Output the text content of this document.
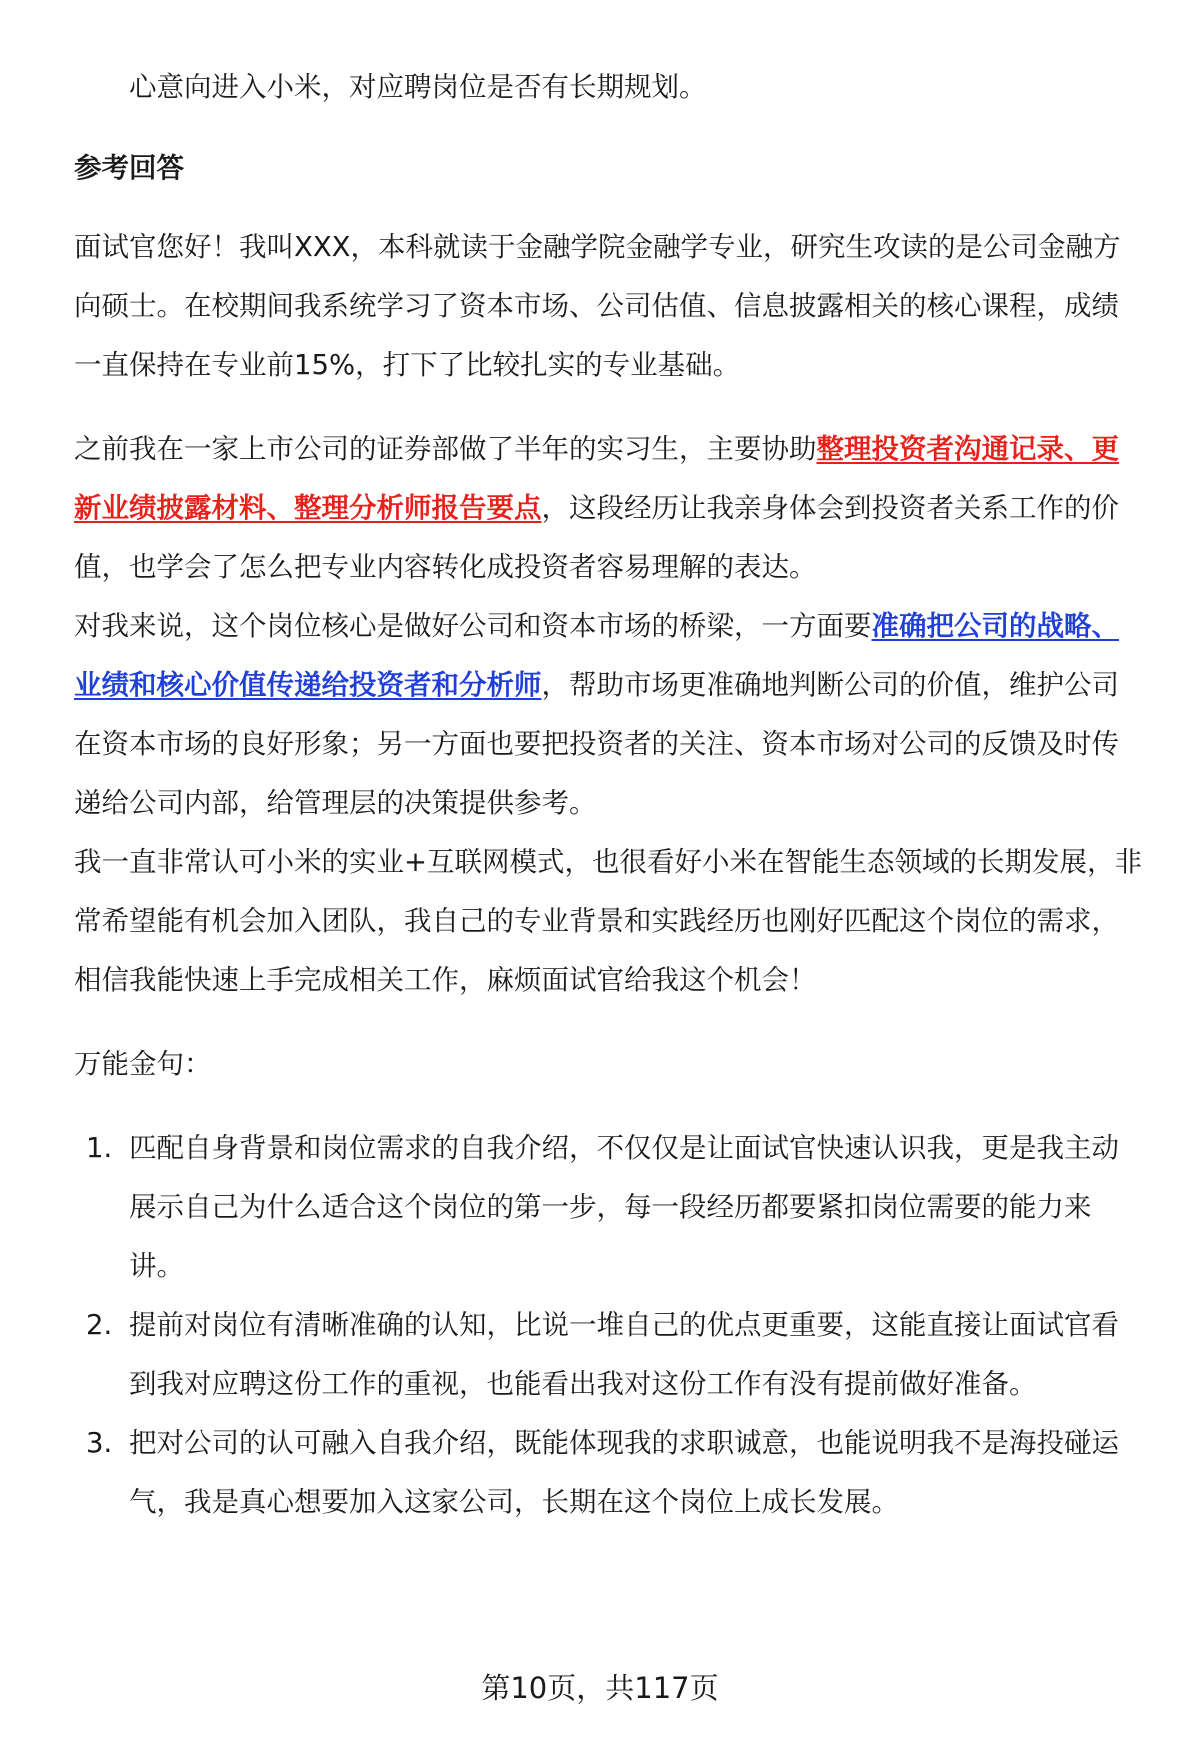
心意向进入小米，对应聘岗位是否有长期规划。

参考回答

面试官您好！我叫XXX，本科就读于金融学院金融学专业，研究生攻读的是公司金融方向硕士。在校期间我系统学习了资本市场、公司估值、信息披露相关的核心课程，成绩一直保持在专业前15%，打下了比较扎实的专业基础。

之前我在一家上市公司的证券部做了半年的实习生，主要协助整理投资者沟通记录、更新业绩披露材料、整理分析师报告要点，这段经历让我亲身体会到投资者关系工作的价值，也学会了怎么把专业内容转化成投资者容易理解的表达。

对我来说，这个岗位核心是做好公司和资本市场的桥梁，一方面要准确把公司的战略、业绩和核心价值传递给投资者和分析师，帮助市场更准确地判断公司的价值，维护公司在资本市场的良好形象；另一方面也要把投资者的关注、资本市场对公司的反馈及时传递给公司内部，给管理层的决策提供参考。

我一直非常认可小米的实业+互联网模式，也很看好小米在智能生态领域的长期发展，非常希望能有机会加入团队，我自己的专业背景和实践经历也刚好匹配这个岗位的需求，相信我能快速上手完成相关工作，麻烦面试官给我这个机会！

万能金句：

1. 匹配自身背景和岗位需求的自我介绍，不仅仅是让面试官快速认识我，更是我主动展示自己为什么适合这个岗位的第一步，每一段经历都要紧扣岗位需要的能力来讲。
2. 提前对岗位有清晰准确的认知，比说一堆自己的优点更重要，这能直接让面试官看到我对应聘这份工作的重视，也能看出我对这份工作有没有提前做好准备。
3. 把对公司的认可融入自我介绍，既能体现我的求职诚意，也能说明我不是海投碰运气，我是真心想要加入这家公司，长期在这个岗位上成长发展。
第10页，共117页
